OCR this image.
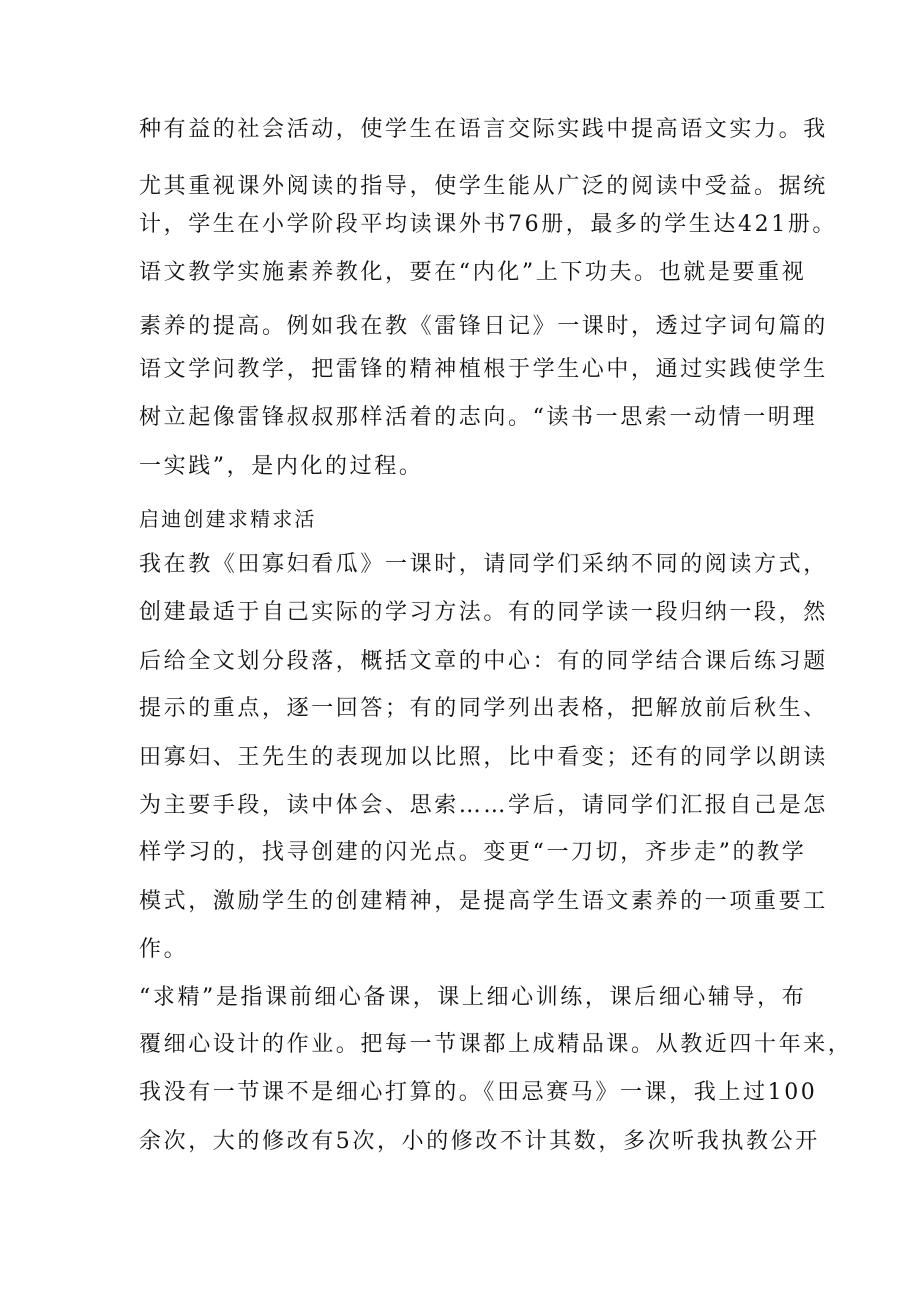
种有益的社会活动，使学生在语言交际实践中提高语文实力。我
尤其重视课外阅读的指导，使学生能从广泛的阅读中受益。据统
计，学生在小学阶段平均读课外书76册，最多的学生达421册。
语文教学实施素养教化，要在“内化”上下功夫。也就是要重视
素养的提高。例如我在教《雷锋日记》一课时，透过字词句篇的
语文学问教学，把雷锋的精神植根于学生心中，通过实践使学生
树立起像雷锋叔叔那样活着的志向。“读书一思索一动情一明理
一实践”，是内化的过程。
启迪创建求精求活
我在教《田寡妇看瓜》一课时，请同学们采纳不同的阅读方式，
创建最适于自己实际的学习方法。有的同学读一段归纳一段，然
后给全文划分段落，概括文章的中心：有的同学结合课后练习题
提示的重点，逐一回答；有的同学列出表格，把解放前后秋生、
田寡妇、王先生的表现加以比照，比中看变；还有的同学以朗读
为主要手段，读中体会、思索……学后，请同学们汇报自己是怎
样学习的，找寻创建的闪光点。变更“一刀切，齐步走”的教学
模式，激励学生的创建精神，是提高学生语文素养的一项重要工
作。
“求精”是指课前细心备课，课上细心训练，课后细心辅导，布
覆细心设计的作业。把每一节课都上成精品课。从教近四十年来，
我没有一节课不是细心打算的。《田忌赛马》一课，我上过100
余次，大的修改有5次，小的修改不计其数，多次听我执教公开
